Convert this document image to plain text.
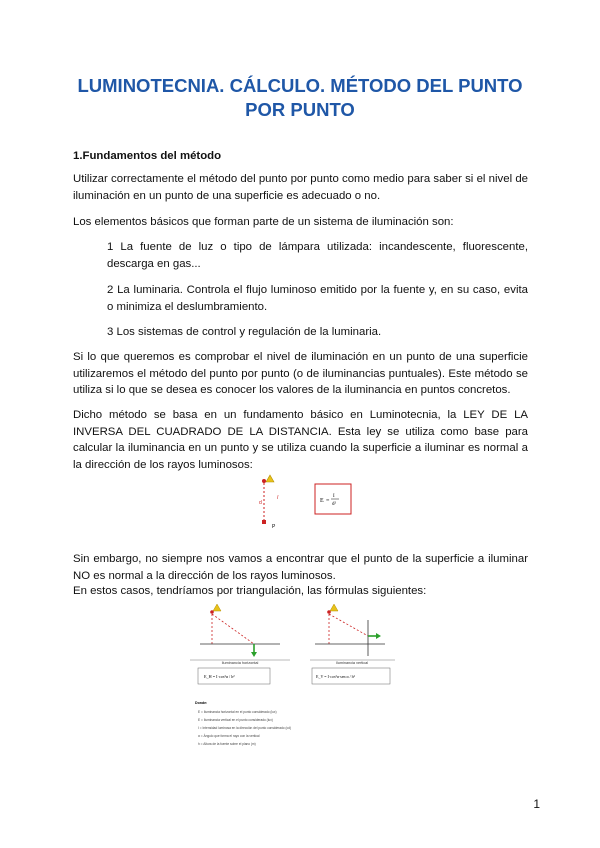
LUMINOTECNIA. CÁLCULO. MÉTODO DEL PUNTO
POR PUNTO
1.Fundamentos del método
Utilizar correctamente el método del punto por punto como medio para saber si el nivel de iluminación en un punto de una superficie es adecuado o no.
Los elementos básicos que forman parte de un sistema de iluminación son:
1 La fuente de luz o tipo de lámpara utilizada: incandescente, fluorescente, descarga en gas...
2 La luminaria. Controla el flujo luminoso emitido por la fuente y, en su caso, evita o minimiza el deslumbramiento.
3 Los sistemas de control y regulación de la luminaria.
Si lo que queremos es comprobar el nivel de iluminación en un punto de una superficie utilizaremos el método del punto por punto (o de iluminancias puntuales). Este método se utiliza si lo que se desea es conocer los valores de la iluminancia en puntos concretos.
Dicho método se basa en un fundamento básico en Luminotecnia, la LEY DE LA INVERSA DEL CUADRADO DE LA DISTANCIA. Esta ley se utiliza como base para calcular la iluminancia en un punto y se utiliza cuando la superficie a iluminar es normal a la dirección de los rayos luminosos:
d
I
P
E =
I
d²
Sin embargo, no siempre nos vamos a encontrar que el punto de la superficie a iluminar NO es normal a la dirección de los rayos luminosos.
En estos casos, tendríamos por triangulación, las fórmulas siguientes:
Iluminancia horizontal
E_H = I·cos³α / h²
Iluminancia vertical
E_V = I·cos²α·sen α / h²
Donde:
E = Iluminancia horizontal en el punto considerado (lux)
E = Iluminancia vertical en el punto considerado (lux)
I = Intensidad luminosa en la dirección del punto considerado (cd)
α = Ángulo que forma el rayo con la vertical
h = Altura de la fuente sobre el plano (m)
1
